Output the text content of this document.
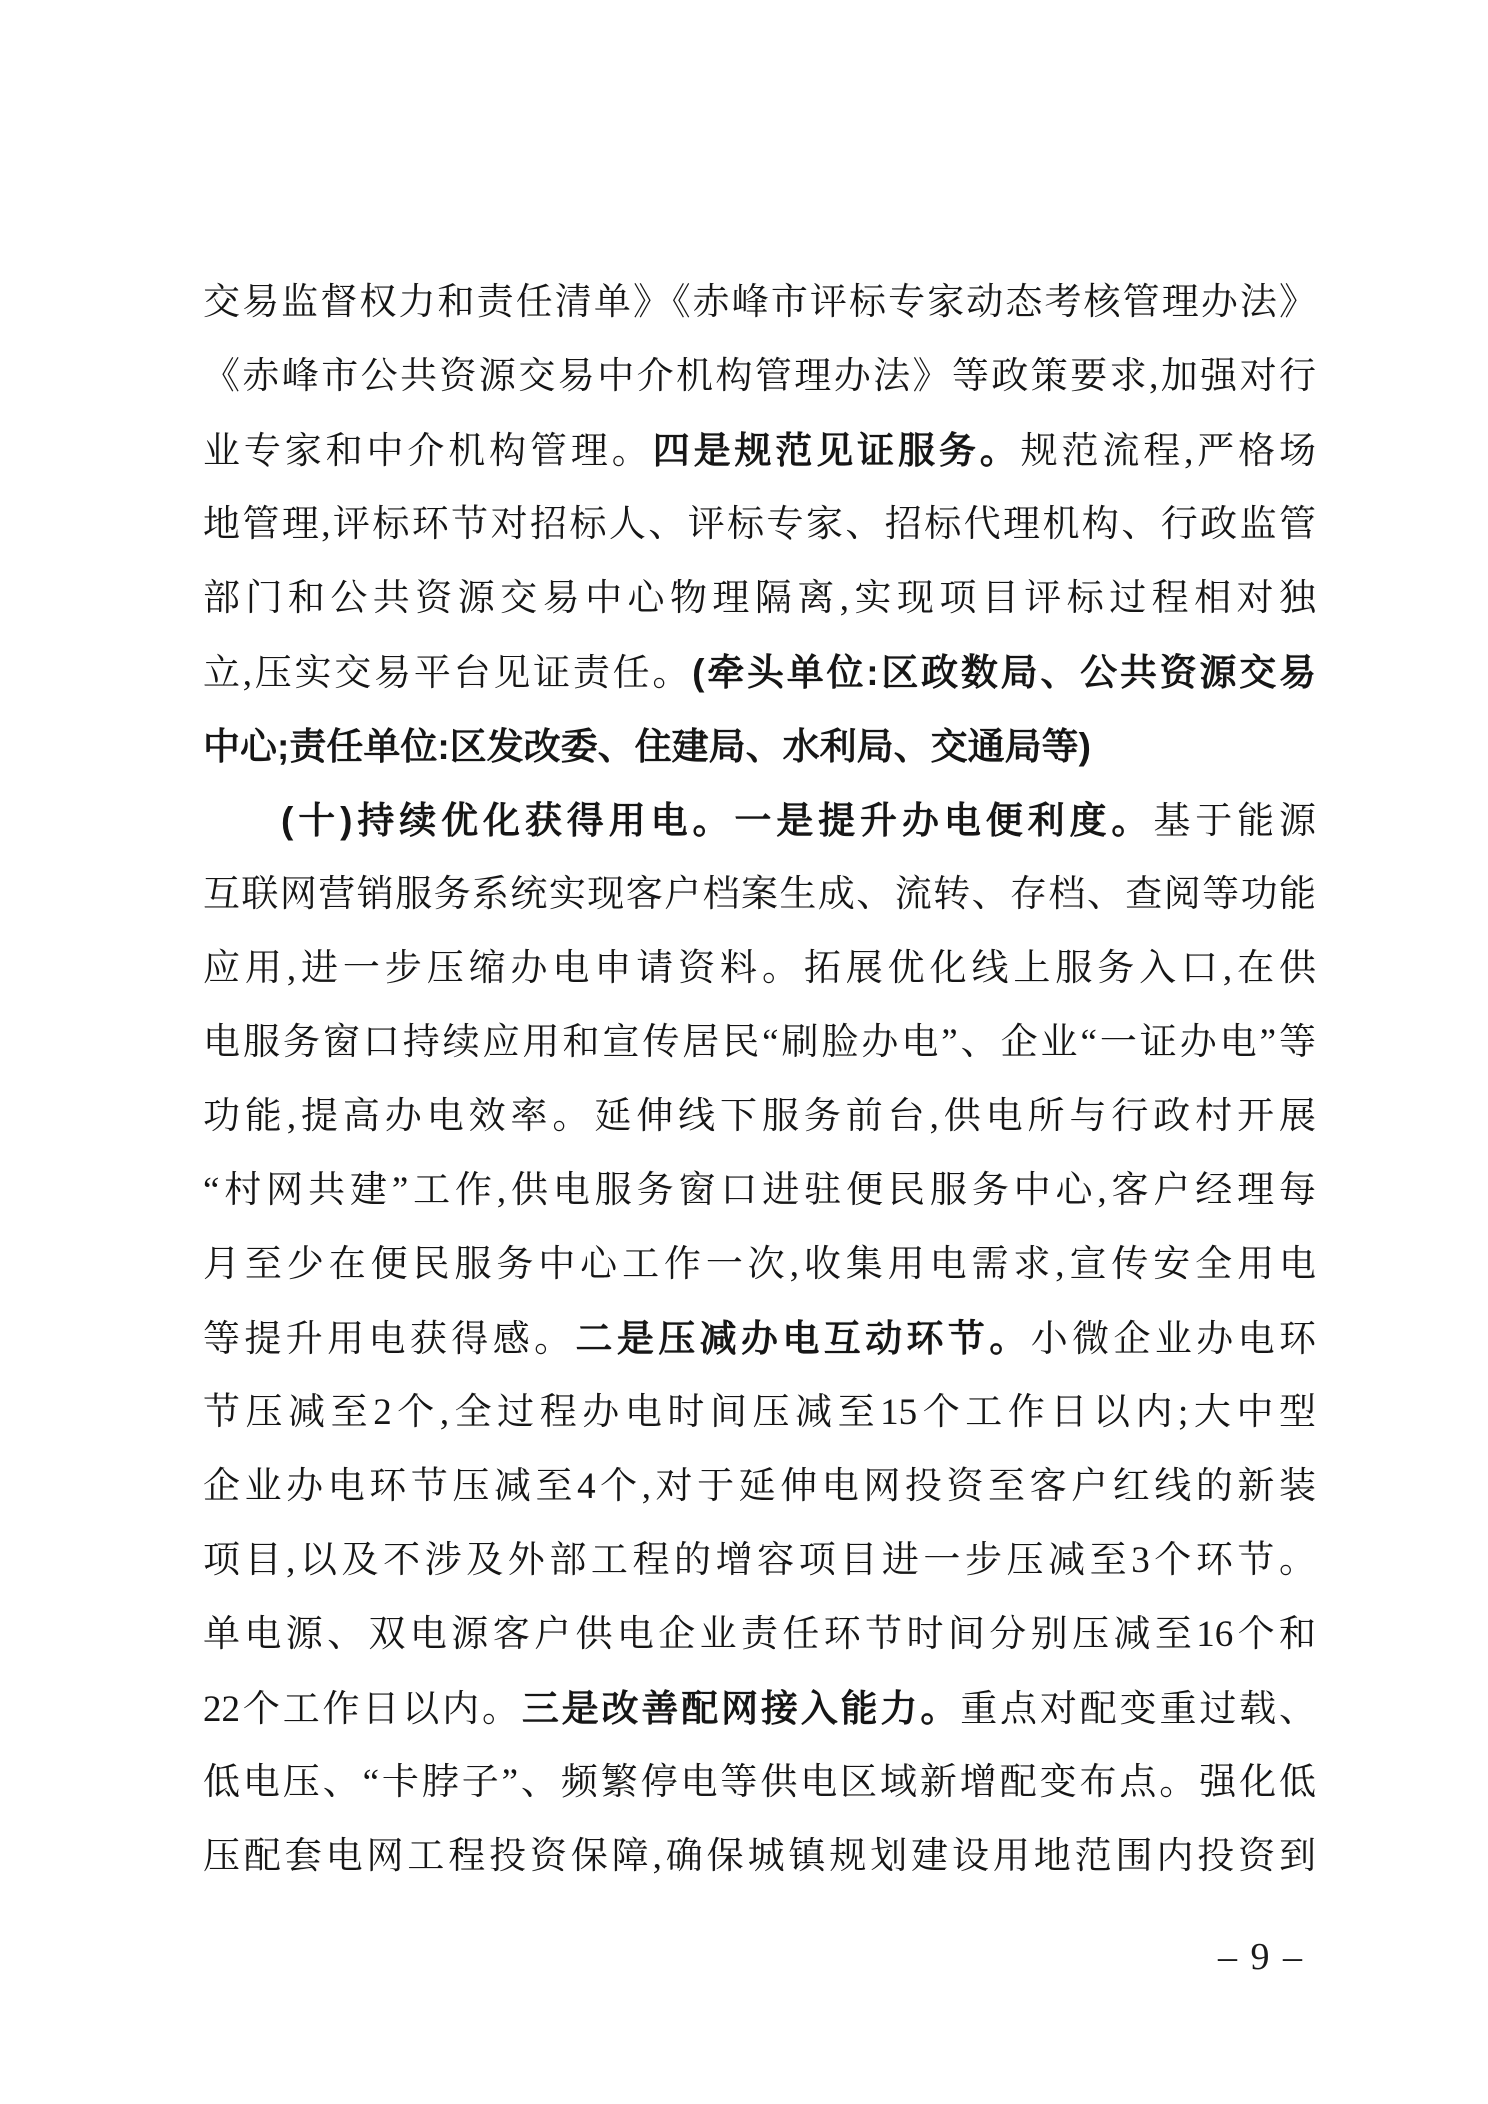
交易监督权力和责任清单》《赤峰市评标专家动态考核管理办法》
《赤峰市公共资源交易中介机构管理办法》等政策要求,加强对行
业专家和中介机构管理。四是规范见证服务。规范流程,严格场
地管理,评标环节对招标人、评标专家、招标代理机构、行政监管
部门和公共资源交易中心物理隔离,实现项目评标过程相对独
立,压实交易平台见证责任。(牵头单位:区政数局、公共资源交易
中心;责任单位:区发改委、住建局、水利局、交通局等)
(十)持续优化获得用电。一是提升办电便利度。基于能源
互联网营销服务系统实现客户档案生成、流转、存档、查阅等功能
应用,进一步压缩办电申请资料。拓展优化线上服务入口,在供
电服务窗口持续应用和宣传居民“刷脸办电”、企业“一证办电”等
功能,提高办电效率。延伸线下服务前台,供电所与行政村开展
“村网共建”工作,供电服务窗口进驻便民服务中心,客户经理每
月至少在便民服务中心工作一次,收集用电需求,宣传安全用电
等提升用电获得感。二是压减办电互动环节。小微企业办电环
节压减至2个,全过程办电时间压减至15个工作日以内;大中型
企业办电环节压减至4个,对于延伸电网投资至客户红线的新装
项目,以及不涉及外部工程的增容项目进一步压减至3个环节。
单电源、双电源客户供电企业责任环节时间分别压减至16个和
22个工作日以内。三是改善配网接入能力。重点对配变重过载、
低电压、“卡脖子”、频繁停电等供电区域新增配变布点。强化低
压配套电网工程投资保障,确保城镇规划建设用地范围内投资到
– 9 –
